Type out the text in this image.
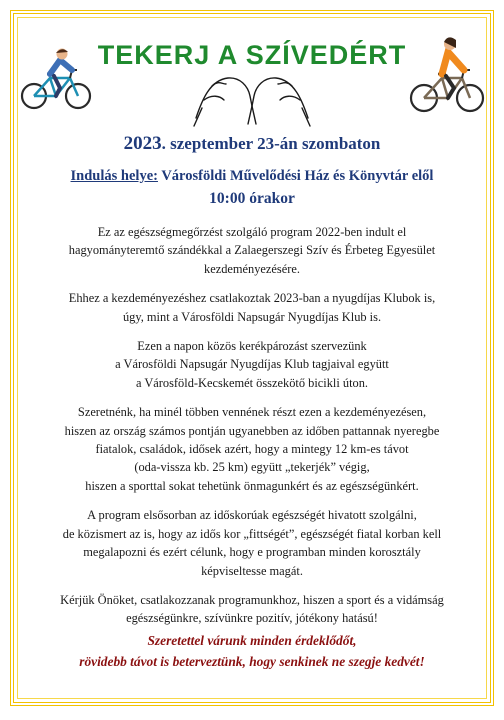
TEKERJ A SZÍVEDÉRT
2023. szeptember 23-án szombaton
Indulás helye: Városföldi Művelődési Ház és Könyvtár elől
10:00 órakor

Ez az egészségmegőrzést szolgáló program 2022-ben indult el
hagyományteremtő szándékkal a Zalaegerszegi Szív és Érbeteg Egyesület
kezdeményezésére.

Ehhez a kezdeményezéshez csatlakoztak 2023-ban a nyugdíjas Klubok is,
úgy, mint a Városföldi Napsugár Nyugdíjas Klub is.

Ezen a napon közös kerékpározást szervezünk
a Városföldi Napsugár Nyugdíjas Klub tagjaival együtt
a Városföld-Kecskemét összekötő bicikli úton.

Szeretnénk, ha minél többen vennének részt ezen a kezdeményezésen,
hiszen az ország számos pontján ugyanebben az időben pattannak nyeregbe
fiatalok, családok, idősek azért, hogy a mintegy 12 km-es távot
(oda-vissza kb. 25 km) együtt „tekerjék” végig,
hiszen a sporttal sokat tehetünk önmagunkért és az egészségünkért.

A program elsősorban az időskorúak egészségét hivatott szolgálni,
de közismert az is, hogy az idős kor „fittségét”, egészségét fiatal korban kell
megalapozni és ezért célunk, hogy e programban minden korosztály
képviseltesse magát.

Kérjük Önöket, csatlakozzanak programunkhoz, hiszen a sport és a vidámság
egészségünkre, szívünkre pozitív, jótékony hatású!

Szeretettel várunk minden érdeklődőt,
rövidebb távot is beterveztünk, hogy senkinek ne szegje kedvét!
